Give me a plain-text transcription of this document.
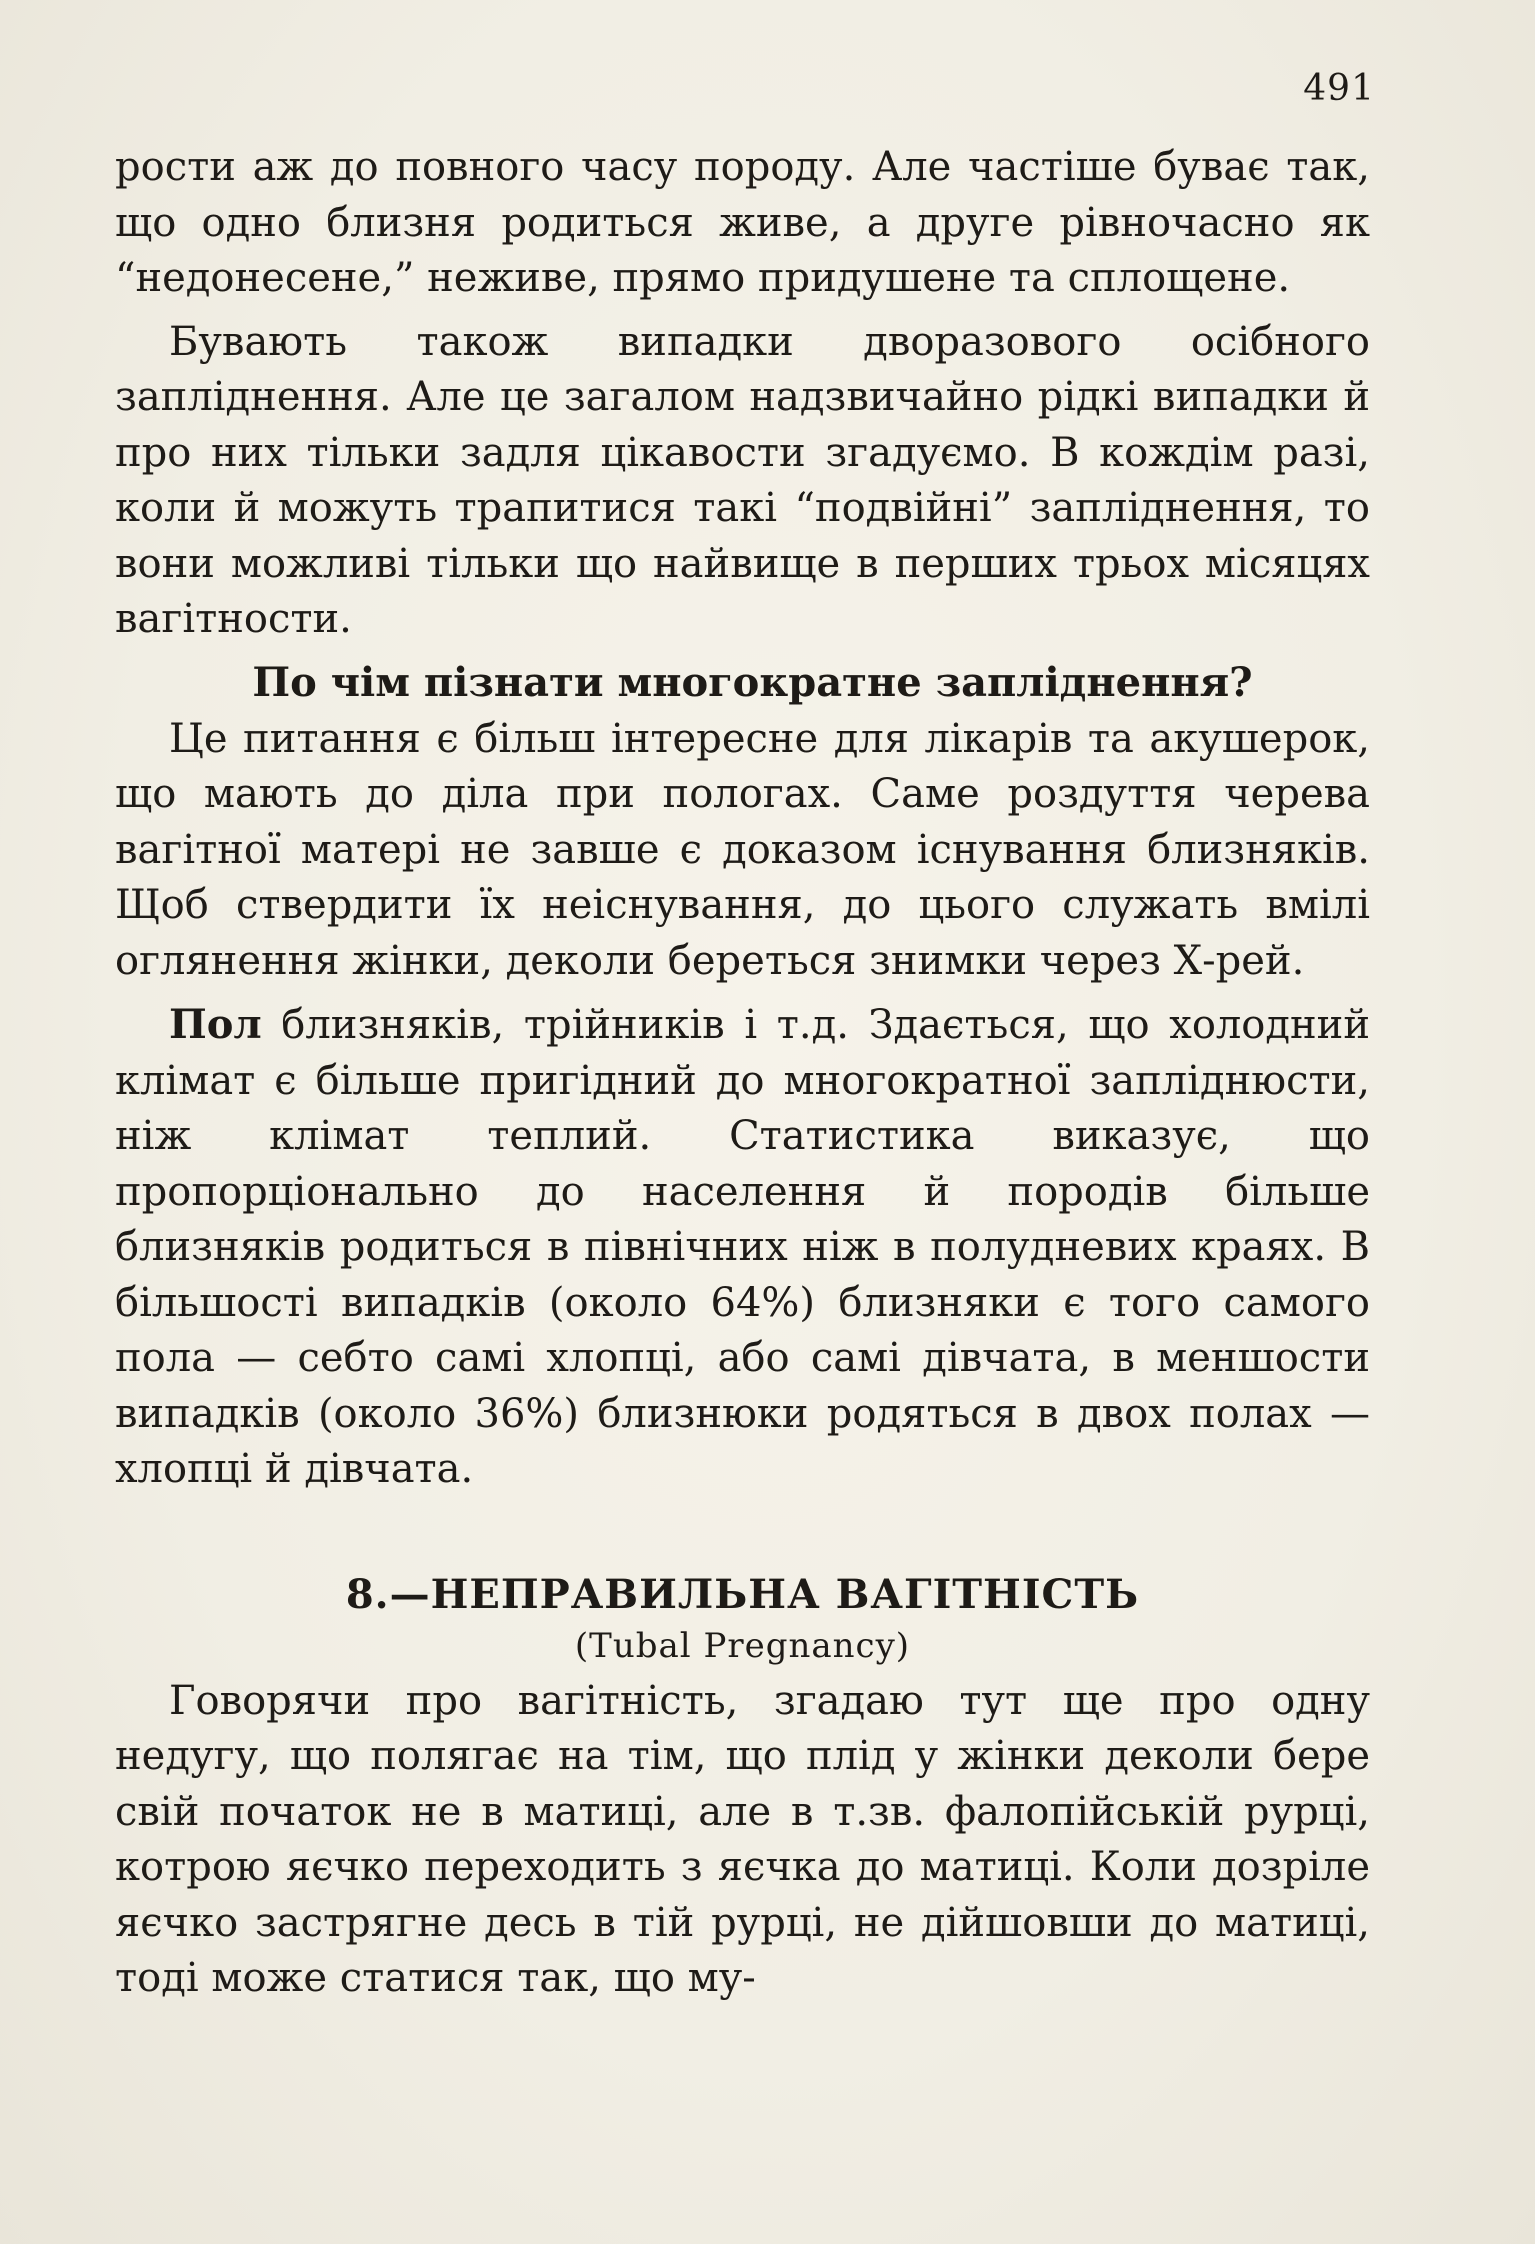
491

рости аж до повного часу породу. Але частіше буває так, що одно близня родиться живе, а друге рівночасно як “недонесене,” неживе, прямо придушене та сплощене.

Бувають також випадки дворазового осібного запліднення. Але це загалом надзвичайно рідкі випадки й про них тільки задля цікавости згадуємо. В кождім разі, коли й можуть трапитися такі “подвійні” запліднення, то вони можливі тільки що найвище в перших трьох місяцях вагітности.

По чім пізнати многократне запліднення?

Це питання є більш інтересне для лікарів та акушерок, що мають до діла при пологах. Саме роздуття черева вагітної матері не завше є доказом існування близняків. Щоб ствердити їх неіснування, до цього служать вмілі оглянення жінки, деколи береться знимки через Х-рей.

Пол близняків, трійників і т.д. Здається, що холодний клімат є більше пригідний до многократної запліднюсти, ніж клімат теплий. Статистика виказує, що пропорціонально до населення й породів більше близняків родиться в північних ніж в полудневих краях. В більшості випадків (около 64%) близняки є того самого пола — себто самі хлопці, або самі дівчата, в меншости випадків (около 36%) близнюки родяться в двох полах — хлопці й дівчата.

8.—НЕПРАВИЛЬНА ВАГІТНІСТЬ
(Tubal Pregnancy)

Говорячи про вагітність, згадаю тут ще про одну недугу, що полягає на тім, що плід у жінки деколи бере свій початок не в матиці, але в т.зв. фалопійській рурці, котрою яєчко переходить з яєчка до матиці. Коли дозріле яєчко застрягне десь в тій рурці, не дійшовши до матиці, тоді може статися так, що му-
